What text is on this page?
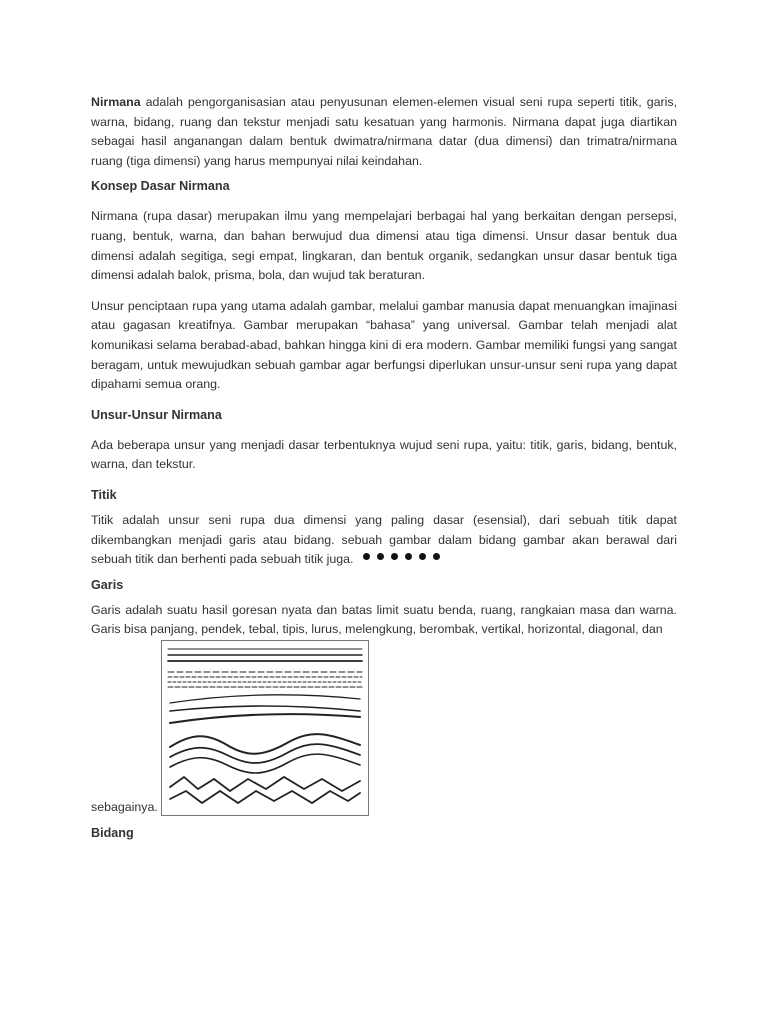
Nirmana adalah pengorganisasian atau penyusunan elemen-elemen visual seni rupa seperti titik, garis, warna, bidang, ruang dan tekstur menjadi satu kesatuan yang harmonis. Nirmana dapat juga diartikan sebagai hasil anganangan dalam bentuk dwimatra/nirmana datar (dua dimensi) dan trimatra/nirmana ruang (tiga dimensi) yang harus mempunyai nilai keindahan.

Konsep Dasar Nirmana

Nirmana (rupa dasar) merupakan ilmu yang mempelajari berbagai hal yang berkaitan dengan persepsi, ruang, bentuk, warna, dan bahan berwujud dua dimensi atau tiga dimensi. Unsur dasar bentuk dua dimensi adalah segitiga, segi empat, lingkaran, dan bentuk organik, sedangkan unsur dasar bentuk tiga dimensi adalah balok, prisma, bola, dan wujud tak beraturan.

Unsur penciptaan rupa yang utama adalah gambar, melalui gambar manusia dapat menuangkan imajinasi atau gagasan kreatifnya. Gambar merupakan “bahasa” yang universal. Gambar telah menjadi alat komunikasi selama berabad-abad, bahkan hingga kini di era modern. Gambar memiliki fungsi yang sangat beragam, untuk mewujudkan sebuah gambar agar berfungsi diperlukan unsur-unsur seni rupa yang dapat dipahami semua orang.

Unsur-Unsur Nirmana

Ada beberapa unsur yang menjadi dasar terbentuknya wujud seni rupa, yaitu: titik, garis, bidang, bentuk, warna, dan tekstur.

Titik

Titik adalah unsur seni rupa dua dimensi yang paling dasar (esensial), dari sebuah titik dapat dikembangkan menjadi garis atau bidang. sebuah gambar dalam bidang gambar akan berawal dari sebuah titik dan berhenti pada sebuah titik juga.

Garis

Garis adalah suatu hasil goresan nyata dan batas limit suatu benda, ruang, rangkaian masa dan warna. Garis bisa panjang, pendek, tebal, tipis, lurus, melengkung, berombak, vertikal, horizontal, diagonal, dan

sebagainya.
Bidang
